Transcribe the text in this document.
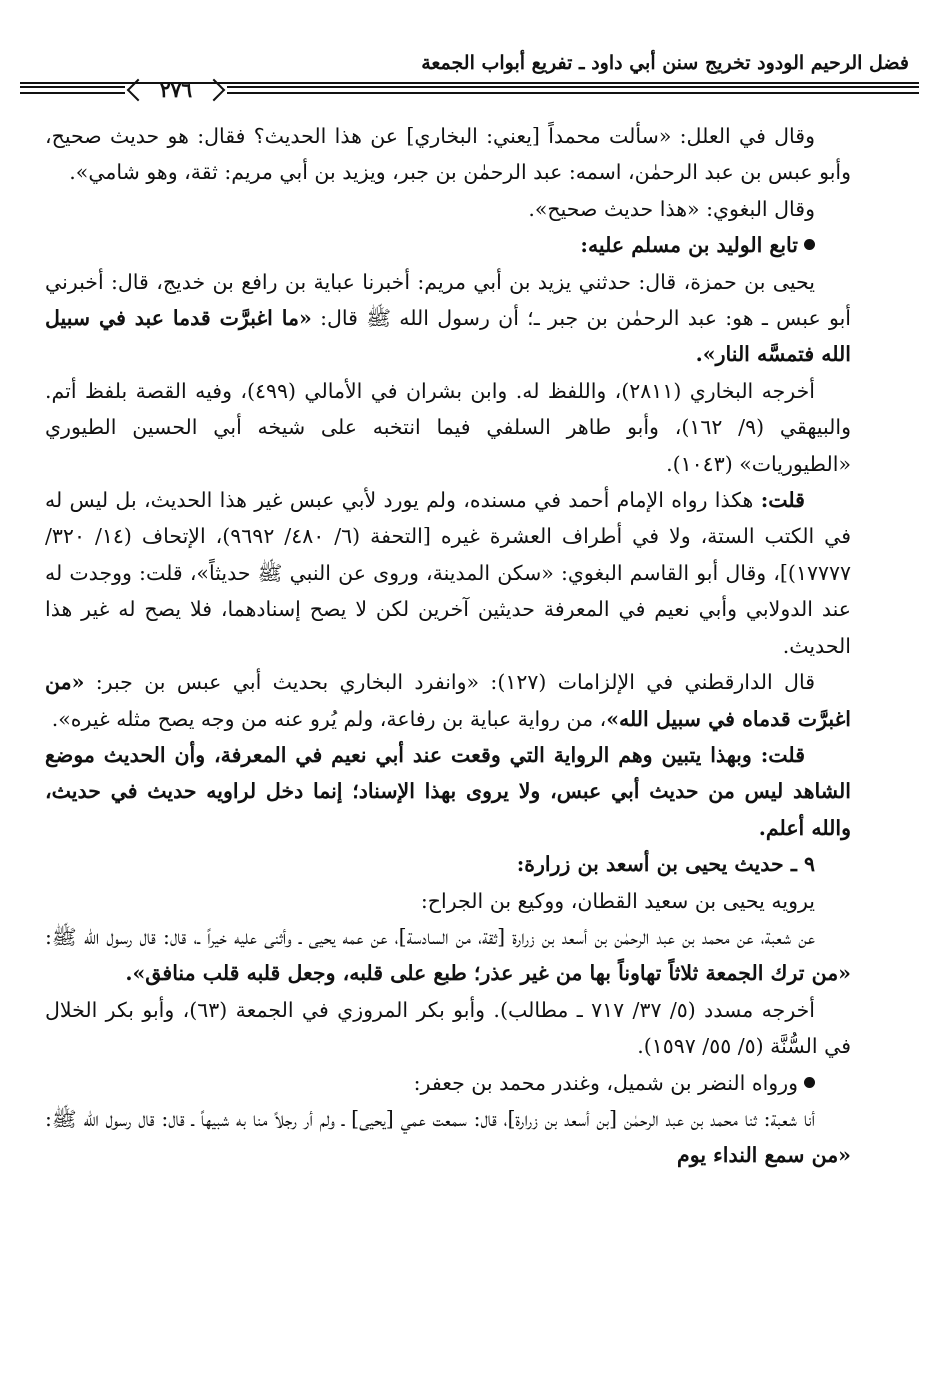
فضل الرحيم الودود تخريج سنن أبي داود ـ تفريع أبواب الجمعة
٢٧٦

وقال في العلل: «سألت محمداً [يعني: البخاري] عن هذا الحديث؟ فقال: هو حديث صحيح، وأبو عبس بن عبد الرحمٰن، اسمه: عبد الرحمٰن بن جبر، ويزيد بن أبي مريم: ثقة، وهو شامي».

وقال البغوي: «هذا حديث صحيح».

تابع الوليد بن مسلم عليه:

يحيى بن حمزة، قال: حدثني يزيد بن أبي مريم: أخبرنا عباية بن رافع بن خديج، قال: أخبرني أبو عبس ـ هو: عبد الرحمٰن بن جبر ـ؛ أن رسول الله ﷺ قال: «ما اغبرَّت قدما عبد في سبيل الله فتمسَّه النار».

أخرجه البخاري (٢٨١١)، واللفظ له. وابن بشران في الأمالي (٤٩٩)، وفيه القصة بلفظ أتم. والبيهقي (٩/ ١٦٢)، وأبو طاهر السلفي فيما انتخبه على شيخه أبي الحسين الطيوري «الطيوريات» (١٠٤٣).

قلت: هكذا رواه الإمام أحمد في مسنده، ولم يورد لأبي عبس غير هذا الحديث، بل ليس له في الكتب الستة، ولا في أطراف العشرة غيره [التحفة (٦/ ٤٨٠/ ٩٦٩٢)، الإتحاف (١٤/ ٣٢٠/ ١٧٧٧٧)]، وقال أبو القاسم البغوي: «سكن المدينة، وروى عن النبي ﷺ حديثاً»، قلت: ووجدت له عند الدولابي وأبي نعيم في المعرفة حديثين آخرين لكن لا يصح إسنادهما، فلا يصح له غير هذا الحديث.

قال الدارقطني في الإلزامات (١٢٧): «وانفرد البخاري بحديث أبي عبس بن جبر: «من اغبرَّت قدماه في سبيل الله»، من رواية عباية بن رفاعة، ولم يُرو عنه من وجه يصح مثله غيره».

قلت: وبهذا يتبين وهم الرواية التي وقعت عند أبي نعيم في المعرفة، وأن الحديث موضع الشاهد ليس من حديث أبي عبس، ولا يروى بهذا الإسناد؛ إنما دخل لراويه حديث في حديث، والله أعلم.

٩ ـ حديث يحيى بن أسعد بن زرارة:

يرويه يحيى بن سعيد القطان، ووكيع بن الجراح:

عن شعبة، عن محمد بن عبد الرحمٰن بن أسعد بن زرارة [ثقة، من السادسة]، عن عمه يحيى ـ وأثنى عليه خيراً ـ، قال: قال رسول الله ﷺ: «من ترك الجمعة ثلاثاً تهاوناً بها من غير عذر؛ طبع على قلبه، وجعل قلبه قلب منافق».

أخرجه مسدد (٥/ ٣٧/ ٧١٧ ـ مطالب). وأبو بكر المروزي في الجمعة (٦٣)، وأبو بكر الخلال في السُّنَّة (٥/ ٥٥/ ١٥٩٧).

ورواه النضر بن شميل، وغندر محمد بن جعفر:

أنا شعبة: ثنا محمد بن عبد الرحمٰن [بن أسعد بن زرارة]، قال: سمعت عمي [يحيى] ـ ولم أر رجلاً منا به شبيهاً ـ قال: قال رسول الله ﷺ: «من سمع النداء يوم
